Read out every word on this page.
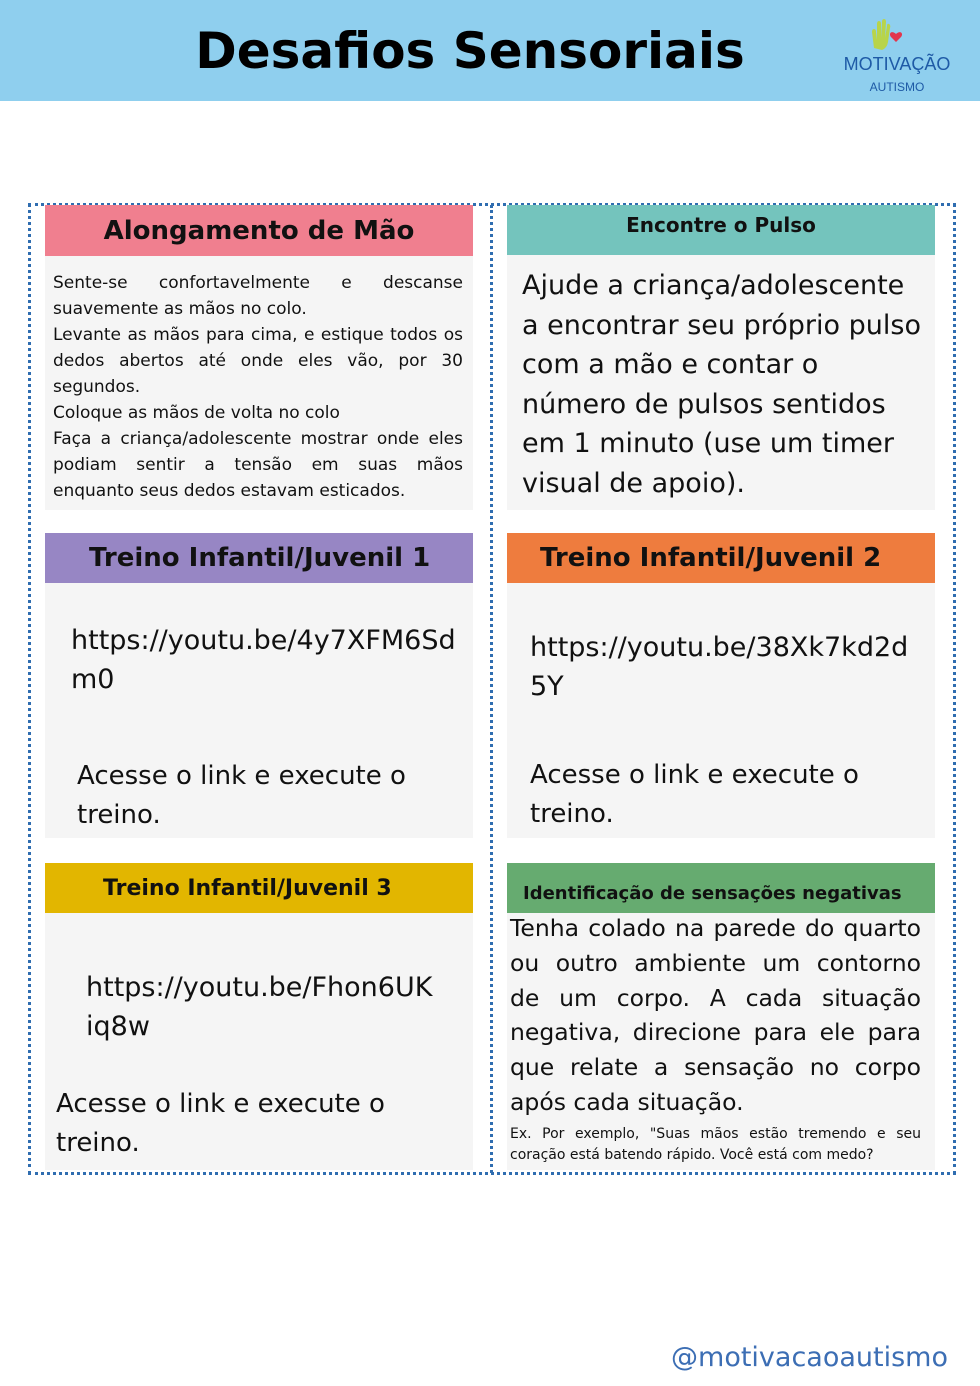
Desafios Sensoriais	MOTIVAÇÃO
AUTISMO
Alongamento de Mão

Sente-se confortavelmente e descanse suavemente as mãos no colo.

Levante as mãos para cima, e estique todos os dedos abertos até onde eles vão, por 30 segundos.

Coloque as mãos de volta no colo

Faça a criança/adolescente mostrar onde eles podiam sentir a tensão em suas mãos enquanto seus dedos estavam esticados.

Encontre o Pulso
Ajude a criança/adolescente a encontrar seu próprio pulso com a mão e contar o número de pulsos sentidos em 1 minuto (use um timer visual de apoio).
Treino Infantil/Juvenil 1
https://youtu.be/4y7XFM6Sdm0
Acesse o link e execute o treino.
Treino Infantil/Juvenil 2
https://youtu.be/38Xk7kd2d5Y
Acesse o link e execute o treino.
Treino Infantil/Juvenil 3
https://youtu.be/Fhon6UKiq8w
Acesse o link e execute o treino.
Identificação de sensações negativas
Tenha colado na parede do quarto ou outro ambiente um contorno de um corpo. A cada situação negativa, direcione para ele para que relate a sensação no corpo após cada situação.
Ex. Por exemplo, "Suas mãos estão tremendo e seu coração está batendo rápido. Você está com medo?
@motivacaoautismo
